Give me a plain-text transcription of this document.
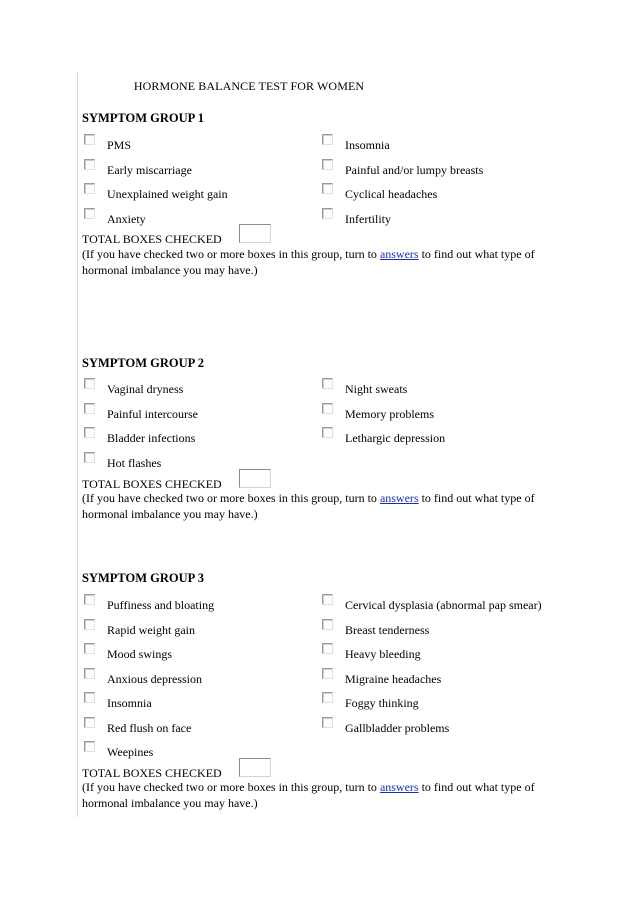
HORMONE BALANCE TEST FOR WOMEN
SYMPTOM GROUP 1
PMS
Early miscarriage
Unexplained weight gain
Anxiety
Insomnia
Painful and/or lumpy breasts
Cyclical headaches
Infertility
TOTAL BOXES CHECKED
(If you have checked two or more boxes in this group, turn to answers to find out what type of hormonal imbalance you may have.)
SYMPTOM GROUP 2
Vaginal dryness
Painful intercourse
Bladder infections
Hot flashes
Night sweats
Memory problems
Lethargic depression
TOTAL BOXES CHECKED
(If you have checked two or more boxes in this group, turn to answers to find out what type of hormonal imbalance you may have.)
SYMPTOM GROUP 3
Puffiness and bloating
Rapid weight gain
Mood swings
Anxious depression
Insomnia
Red flush on face
Weepines
Cervical dysplasia (abnormal pap smear)
Breast tenderness
Heavy bleeding
Migraine headaches
Foggy thinking
Gallbladder problems
TOTAL BOXES CHECKED
(If you have checked two or more boxes in this group, turn to answers to find out what type of hormonal imbalance you may have.)
